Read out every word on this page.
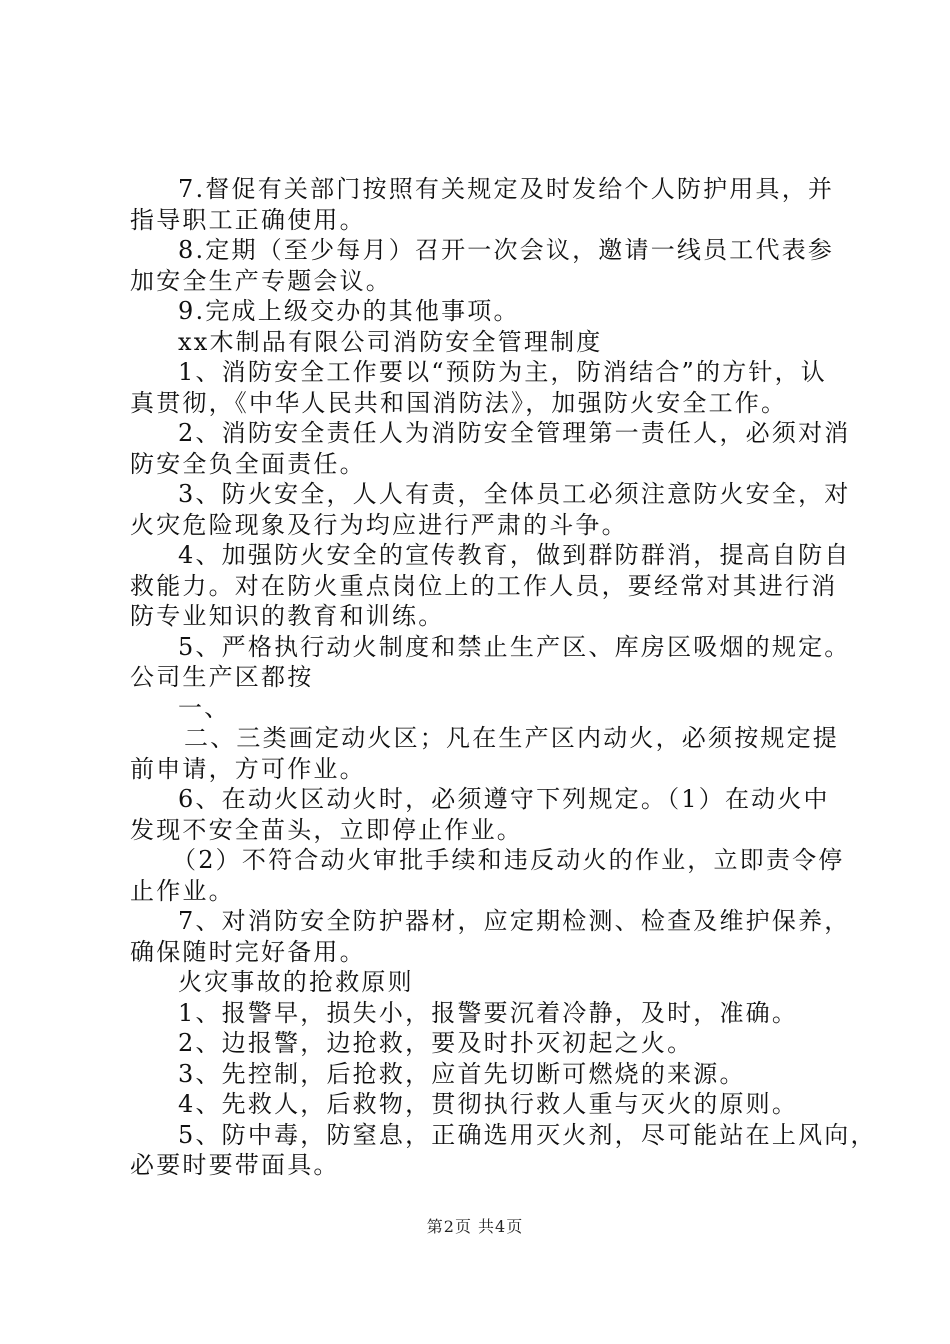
7.督促有关部门按照有关规定及时发给个人防护用具，并
指导职工正确使用。
8.定期（至少每月）召开一次会议，邀请一线员工代表参
加安全生产专题会议。
9.完成上级交办的其他事项。
xx木制品有限公司消防安全管理制度
1、消防安全工作要以“预防为主，防消结合”的方针，认
真贯彻，《中华人民共和国消防法》，加强防火安全工作。
2、消防安全责任人为消防安全管理第一责任人，必须对消
防安全负全面责任。
3、防火安全，人人有责，全体员工必须注意防火安全，对
火灾危险现象及行为均应进行严肃的斗争。
4、加强防火安全的宣传教育，做到群防群消，提高自防自
救能力。对在防火重点岗位上的工作人员，要经常对其进行消
防专业知识的教育和训练。
5、严格执行动火制度和禁止生产区、库房区吸烟的规定。
公司生产区都按
一、
二、三类画定动火区；凡在生产区内动火，必须按规定提
前申请，方可作业。
6、在动火区动火时，必须遵守下列规定。（1）在动火中
发现不安全苗头，立即停止作业。
（2）不符合动火审批手续和违反动火的作业，立即责令停
止作业。
7、对消防安全防护器材，应定期检测、检查及维护保养，
确保随时完好备用。
火灾事故的抢救原则
1、报警早，损失小，报警要沉着冷静，及时，准确。
2、边报警，边抢救，要及时扑灭初起之火。
3、先控制，后抢救，应首先切断可燃烧的来源。
4、先救人，后救物，贯彻执行救人重与灭火的原则。
5、防中毒，防窒息，正确选用灭火剂，尽可能站在上风向，
必要时要带面具。
第2页 共4页
